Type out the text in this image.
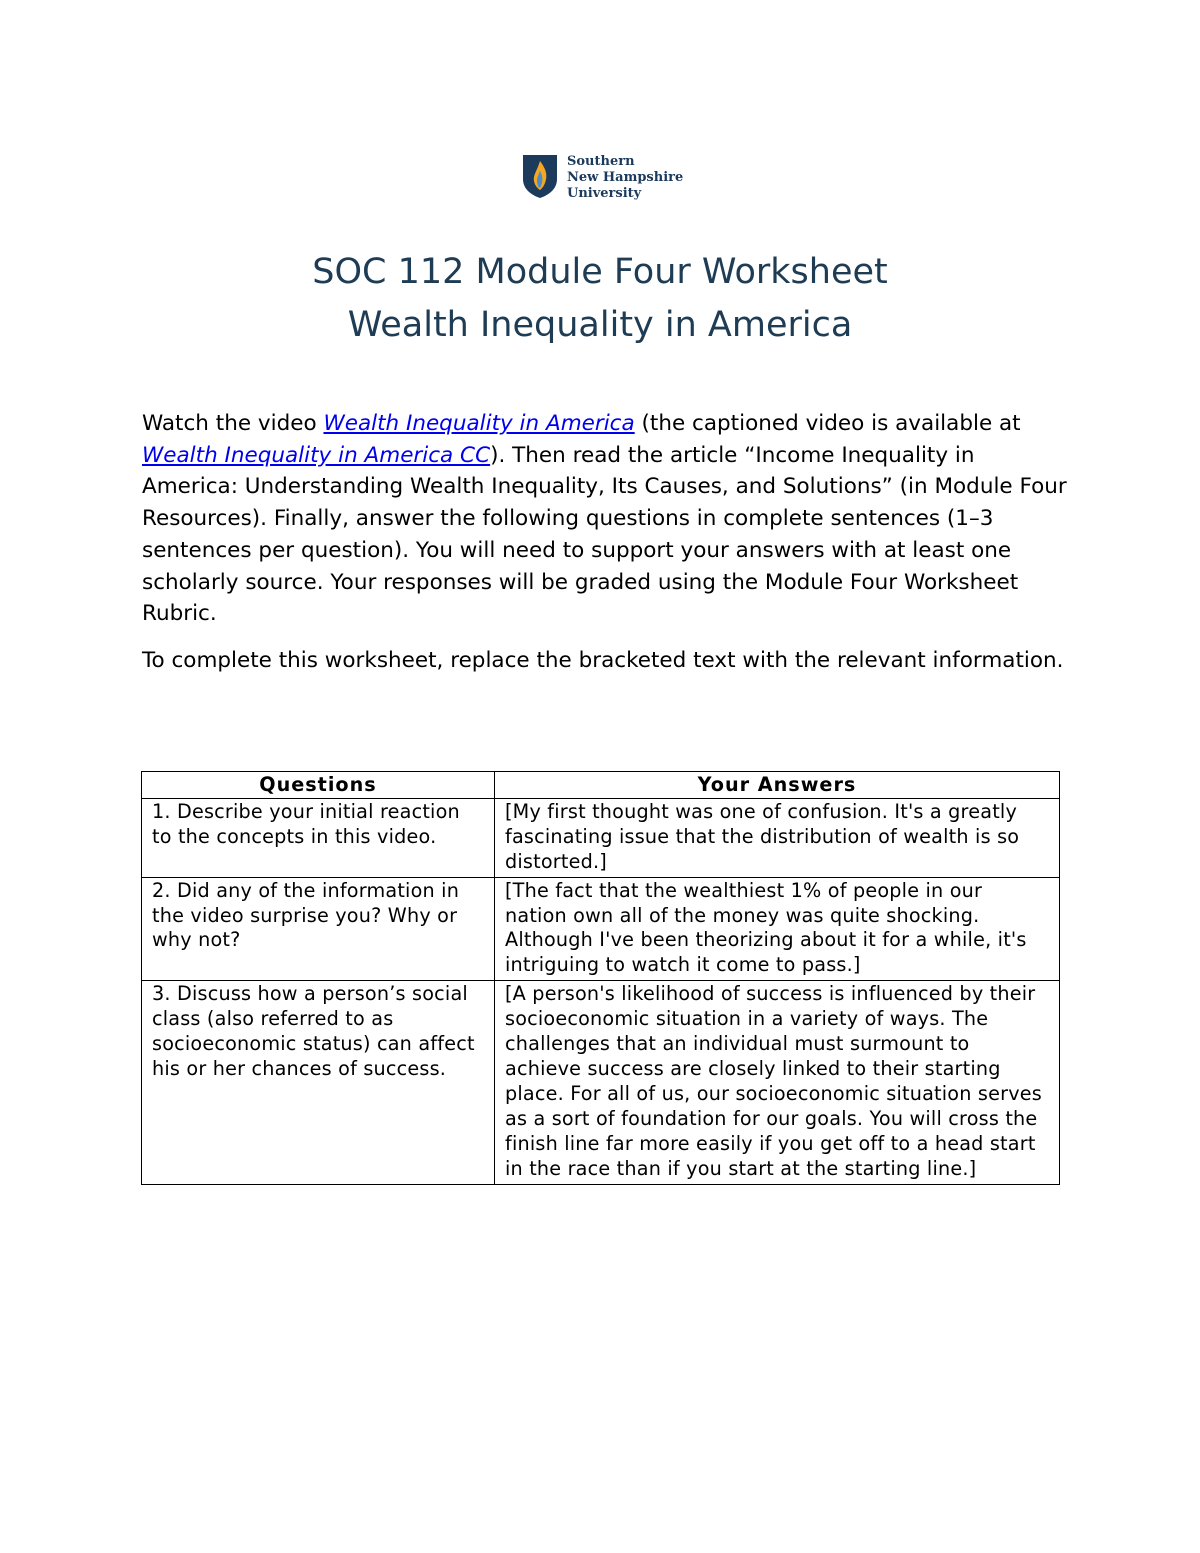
Southern
New Hampshire
University
SOC 112 Module Four Worksheet
Wealth Inequality in America

Watch the video Wealth Inequality in America (the captioned video is available at Wealth Inequality in America CC). Then read the article “Income Inequality in America: Understanding Wealth Inequality, Its Causes, and Solutions” (in Module Four Resources). Finally, answer the following questions in complete sentences (1–3 sentences per question). You will need to support your answers with at least one scholarly source. Your responses will be graded using the Module Four Worksheet Rubric.

To complete this worksheet, replace the bracketed text with the relevant information.

Questions	Your Answers
1. Describe your initial reaction to the concepts in this video.	[My first thought was one of confusion. It's a greatly fascinating issue that the distribution of wealth is so distorted.]
2. Did any of the information in the video surprise you? Why or why not?	[The fact that the wealthiest 1% of people in our nation own all of the money was quite shocking. Although I've been theorizing about it for a while, it's intriguing to watch it come to pass.]
3. Discuss how a person’s social class (also referred to as socioeconomic status) can affect his or her chances of success.	[A person's likelihood of success is influenced by their socioeconomic situation in a variety of ways. The challenges that an individual must surmount to achieve success are closely linked to their starting place. For all of us, our socioeconomic situation serves as a sort of foundation for our goals. You will cross the finish line far more easily if you get off to a head start in the race than if you start at the starting line.]
